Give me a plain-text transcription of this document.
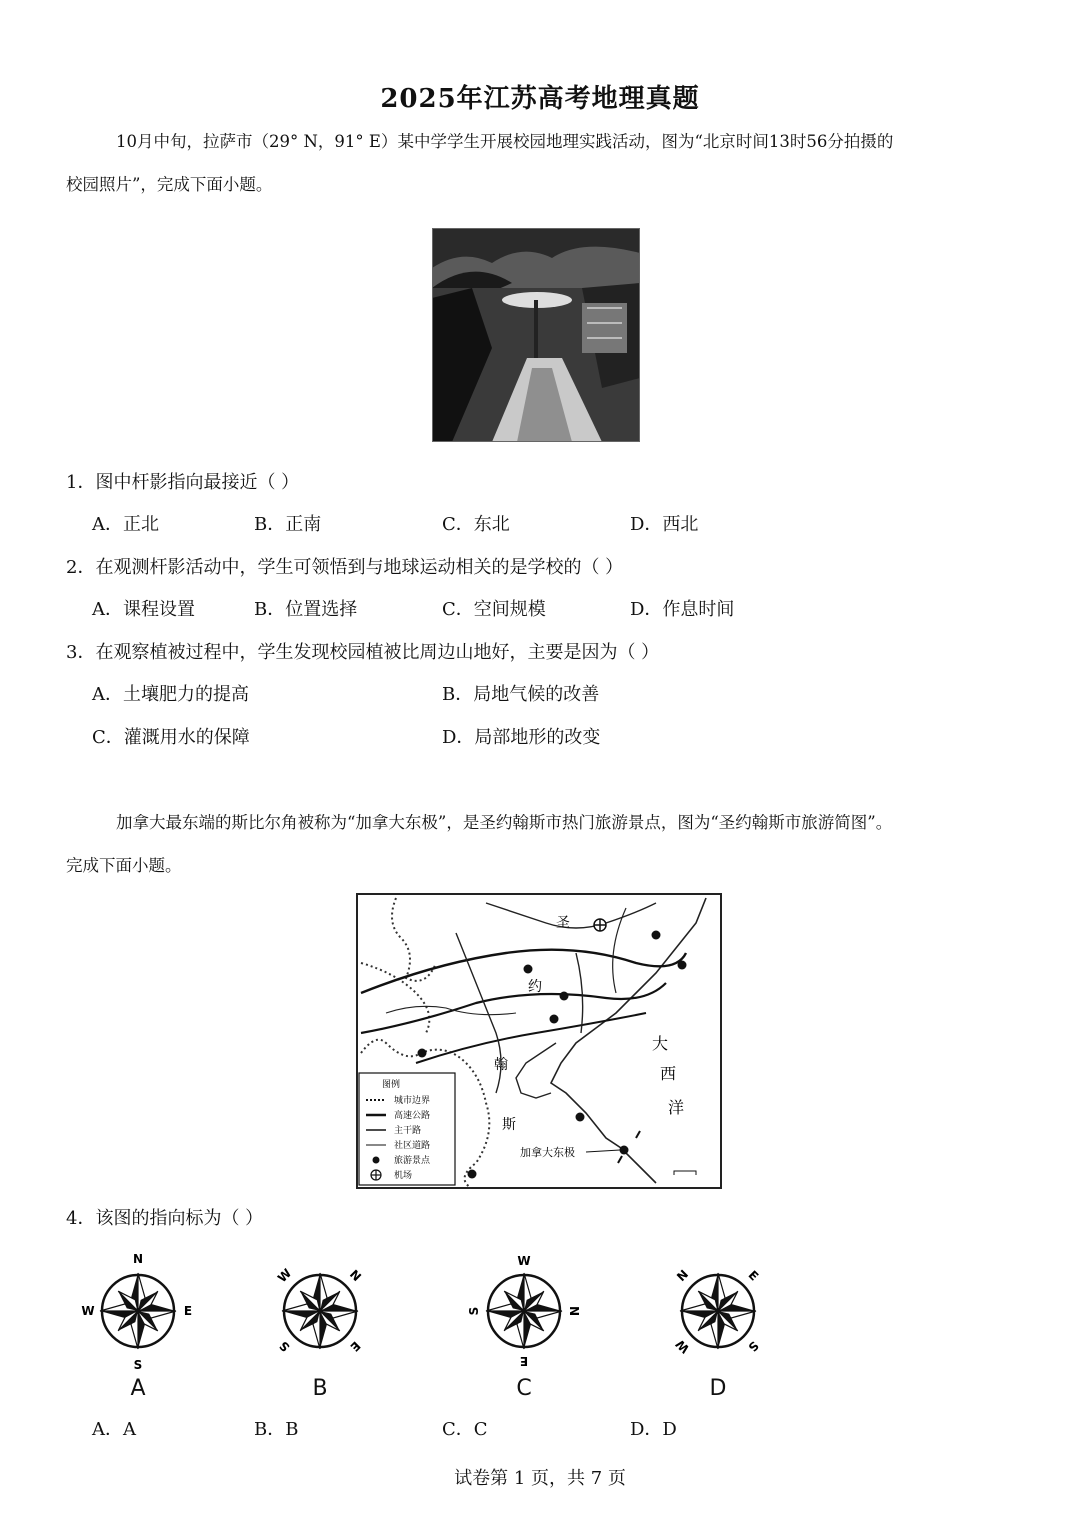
2025年江苏高考地理真题
10月中旬，拉萨市（29° N，91° E）某中学学生开展校园地理实践活动，图为“北京时间13时56分拍摄的
校园照片”，完成下面小题。
1．图中杆影指向最接近（ ）
A．正北	B．正南	C．东北	D．西北
2．在观测杆影活动中，学生可领悟到与地球运动相关的是学校的（ ）
A．课程设置	B．位置选择	C．空间规模	D．作息时间
3．在观察植被过程中，学生发现校园植被比周边山地好，主要是因为（ ）
A．土壤肥力的提高	B．局地气候的改善
C．灌溉用水的保障	D．局部地形的改变
加拿大最东端的斯比尔角被称为“加拿大东极”，是圣约翰斯市热门旅游景点，图为“圣约翰斯市旅游简图”。
完成下面小题。
圣
约
翰
斯
大
西
洋
加拿大东极
图例
城市边界
高速公路
主干路
社区道路
旅游景点
机场
4．该图的指向标为（ ）
N
E
S
W
A
N
E
S
W
B
N
E
S
W
C
N	E
S
W
D
A．A	B．B	C．C	D．D
试卷第 1 页，共 7 页
